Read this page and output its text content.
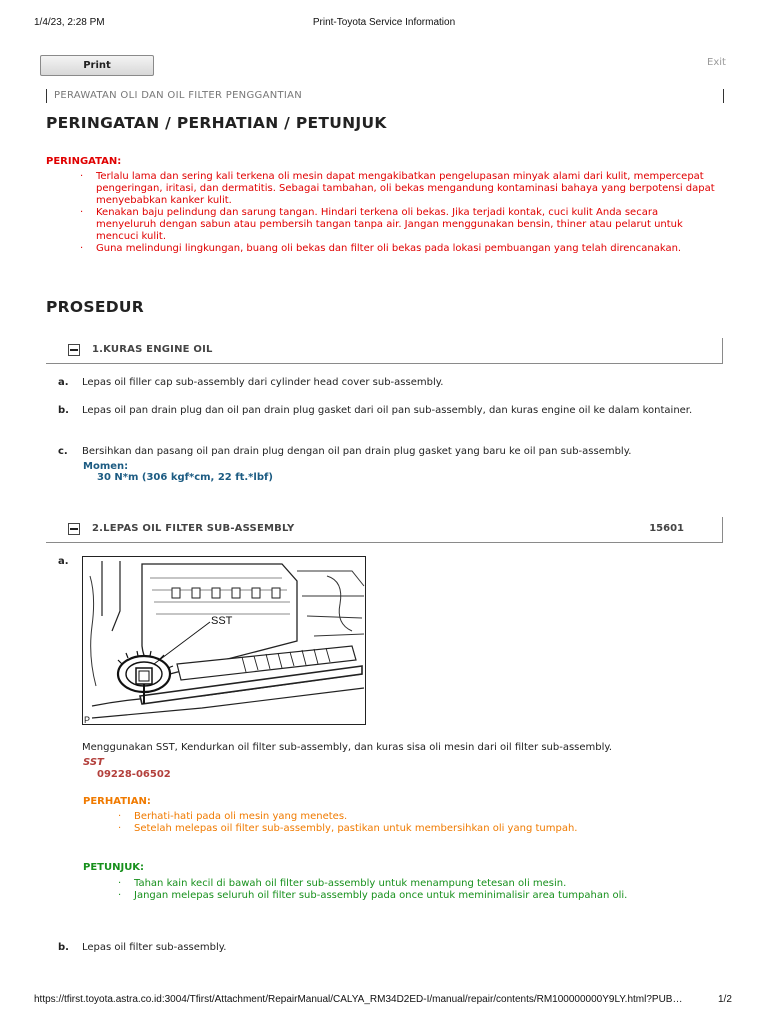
1/4/23, 2:28 PM	Print-Toyota Service Information
Print	Exit
PERAWATAN OLI DAN OIL FILTER PENGGANTIAN
PERINGATAN / PERHATIAN / PETUNJUK
PERINGATAN:
· Terlalu lama dan sering kali terkena oli mesin dapat mengakibatkan pengelupasan minyak alami dari kulit, mempercepat pengeringan, iritasi, dan dermatitis. Sebagai tambahan, oli bekas mengandung kontaminasi bahaya yang berpotensi dapat menyebabkan kanker kulit.
· Kenakan baju pelindung dan sarung tangan. Hindari terkena oli bekas. Jika terjadi kontak, cuci kulit Anda secara menyeluruh dengan sabun atau pembersih tangan tanpa air. Jangan menggunakan bensin, thiner atau pelarut untuk mencuci kulit.
· Guna melindungi lingkungan, buang oli bekas dan filter oli bekas pada lokasi pembuangan yang telah direncanakan.
PROSEDUR
1.KURAS ENGINE OIL
a. Lepas oil filler cap sub-assembly dari cylinder head cover sub-assembly.
b. Lepas oil pan drain plug dan oil pan drain plug gasket dari oil pan sub-assembly, dan kuras engine oil ke dalam kontainer.
c. Bersihkan dan pasang oil pan drain plug dengan oil pan drain plug gasket yang baru ke oil pan sub-assembly.
Momen:
30 N*m (306 kgf*cm, 22 ft.*lbf)
2.LEPAS OIL FILTER SUB-ASSEMBLY	15601
a.
SST
P
Menggunakan SST, Kendurkan oil filter sub-assembly, dan kuras sisa oli mesin dari oil filter sub-assembly.
SST
09228-06502
PERHATIAN:
· Berhati-hati pada oli mesin yang menetes.
· Setelah melepas oil filter sub-assembly, pastikan untuk membersihkan oli yang tumpah.
PETUNJUK:
· Tahan kain kecil di bawah oil filter sub-assembly untuk menampung tetesan oli mesin.
· Jangan melepas seluruh oil filter sub-assembly pada once untuk meminimalisir area tumpahan oli.
b. Lepas oil filter sub-assembly.
https://tfirst.toyota.astra.co.id:3004/Tfirst/Attachment/RepairManual/CALYA_RM34D2ED-I/manual/repair/contents/RM100000000Y9LY.html?PUB…	1/2
